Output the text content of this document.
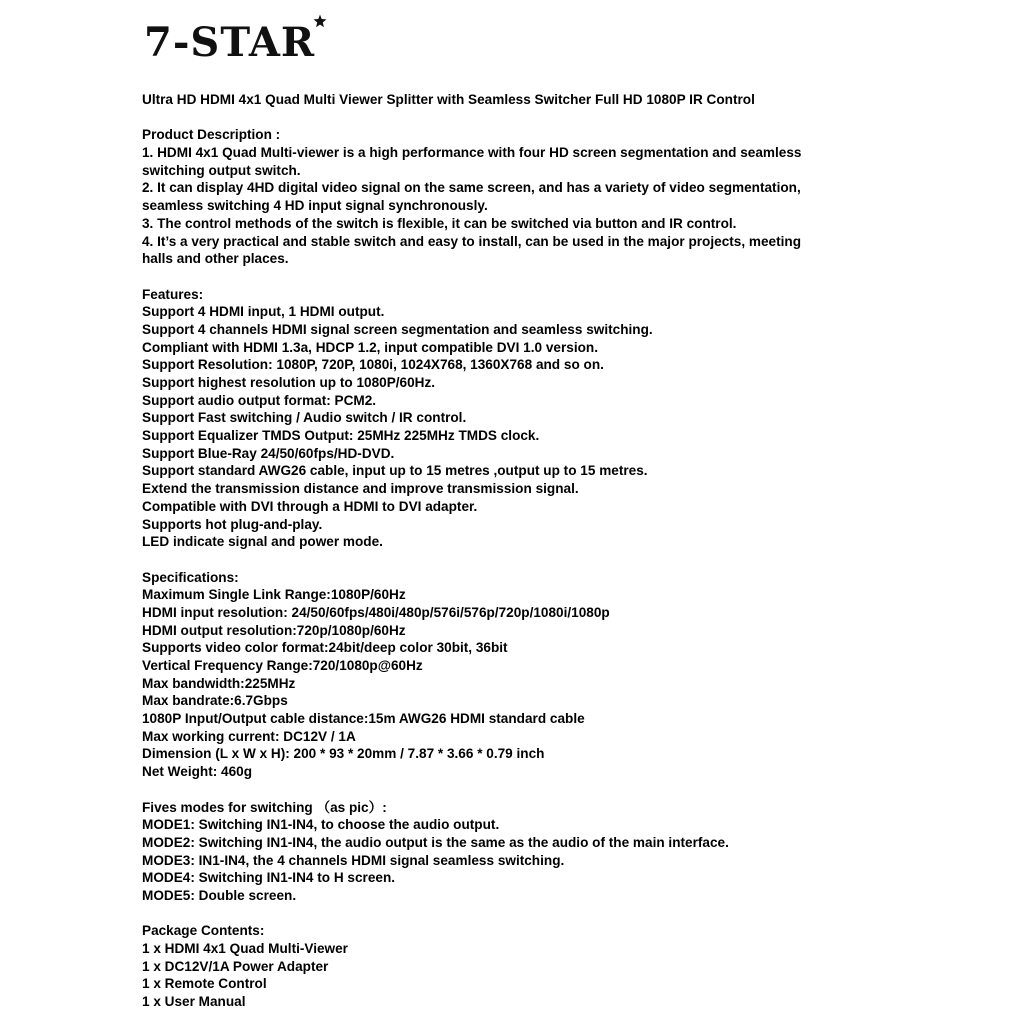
7-STAR
Ultra HD HDMI 4x1 Quad Multi Viewer Splitter with Seamless Switcher Full HD 1080P IR Control
Product Description :
1. HDMI 4x1 Quad Multi-viewer is a high performance with four HD screen segmentation and seamless
switching output switch.
2. It can display 4HD digital video signal on the same screen, and has a variety of video segmentation,
seamless switching 4 HD input signal synchronously.
3. The control methods of the switch is flexible, it can be switched via button and IR control.
4. It’s a very practical and stable switch and easy to install, can be used in the major projects, meeting
halls and other places.
Features:
Support 4 HDMI input, 1 HDMI output.
Support 4 channels HDMI signal screen segmentation and seamless switching.
Compliant with HDMI 1.3a, HDCP 1.2, input compatible DVI 1.0 version.
Support Resolution: 1080P, 720P, 1080i, 1024X768, 1360X768 and so on.
Support highest resolution up to 1080P/60Hz.
Support audio output format: PCM2.
Support Fast switching / Audio switch / IR control.
Support Equalizer TMDS Output: 25MHz 225MHz TMDS clock.
Support Blue-Ray 24/50/60fps/HD-DVD.
Support standard AWG26 cable, input up to 15 metres ,output up to 15 metres.
Extend the transmission distance and improve transmission signal.
Compatible with DVI through a HDMI to DVI adapter.
Supports hot plug-and-play.
LED indicate signal and power mode.
Specifications:
Maximum Single Link Range:1080P/60Hz
HDMI input resolution: 24/50/60fps/480i/480p/576i/576p/720p/1080i/1080p
HDMI output resolution:720p/1080p/60Hz
Supports video color format:24bit/deep color 30bit, 36bit
Vertical Frequency Range:720/1080p@60Hz
Max bandwidth:225MHz
Max bandrate:6.7Gbps
1080P Input/Output cable distance:15m AWG26 HDMI standard cable
Max working current: DC12V / 1A
Dimension (L x W x H): 200 * 93 * 20mm / 7.87 * 3.66 * 0.79 inch
Net Weight: 460g
Fives modes for switching （as pic）:
MODE1: Switching IN1-IN4, to choose the audio output.
MODE2: Switching IN1-IN4, the audio output is the same as the audio of the main interface.
MODE3: IN1-IN4, the 4 channels HDMI signal seamless switching.
MODE4: Switching IN1-IN4 to H screen.
MODE5: Double screen.
Package Contents:
1 x HDMI 4x1 Quad Multi-Viewer
1 x DC12V/1A Power Adapter
1 x Remote Control
1 x User Manual
